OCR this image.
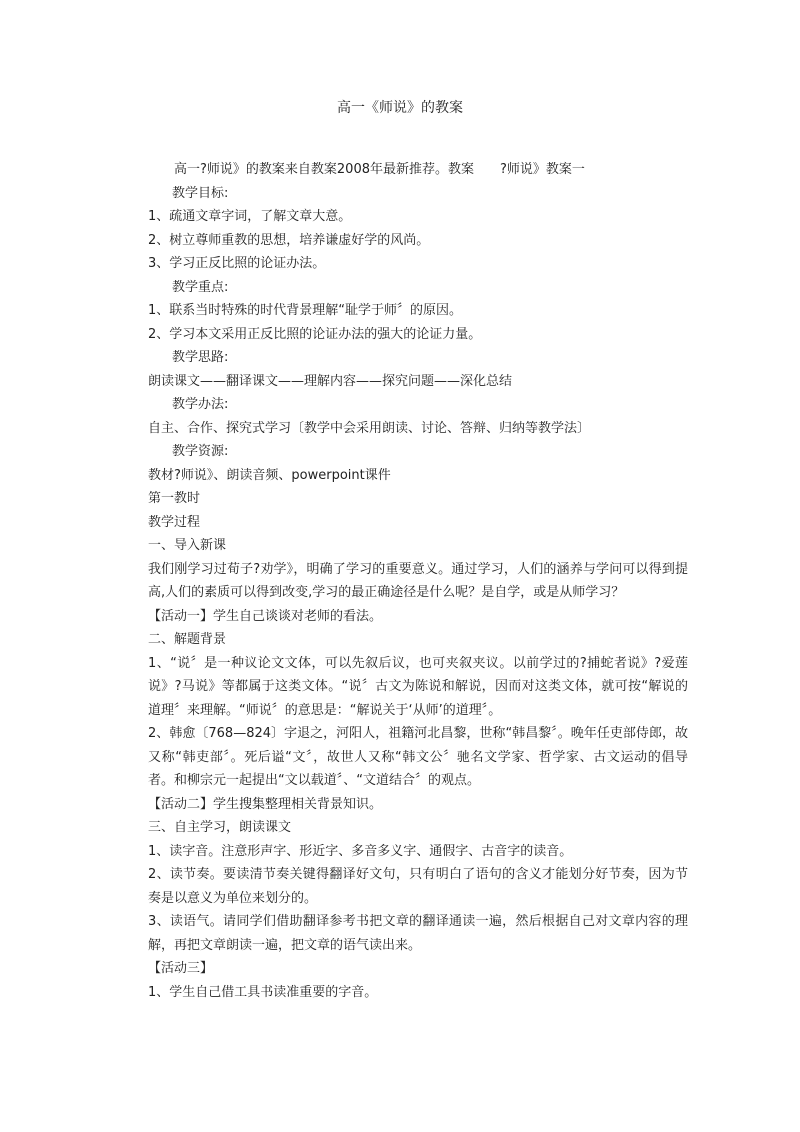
高一《师说》的教案
高一?师说》的教案来自教案2008年最新推荐。教案　　?师说》教案一
教学目标:
1、疏通文章字词，了解文章大意。
2、树立尊师重教的思想，培养谦虚好学的风尚。
3、学习正反比照的论证办法。
教学重点:
1、联系当时特殊的时代背景理解“耻学于师〞的原因。
2、学习本文采用正反比照的论证办法的强大的论证力量。
教学思路:
朗读课文——翻译课文——理解内容——探究问题——深化总结
教学办法:
自主、合作、探究式学习〔教学中会采用朗读、讨论、答辩、归纳等教学法〕
教学资源:
教材?师说》、朗读音频、powerpoint课件
第一教时
教学过程
一、导入新课
我们刚学习过荀子?劝学》，明确了学习的重要意义。通过学习，人们的涵养与学问可以得到提高,人们的素质可以得到改变,学习的最正确途径是什么呢？是自学，或是从师学习？
【活动一】学生自己谈谈对老师的看法。
二、解题背景
1、“说〞是一种议论文文体，可以先叙后议，也可夹叙夹议。以前学过的?捕蛇者说》?爱莲说》?马说》等都属于这类文体。“说〞古文为陈说和解说，因而对这类文体，就可按“解说的道理〞来理解。“师说〞的意思是：“解说关于‘从师’的道理〞。
2、韩愈〔768—824〕字退之，河阳人，祖籍河北昌黎，世称“韩昌黎〞。晚年任吏部侍郎，故又称“韩吏部〞。死后谥“文〞，故世人又称“韩文公〞驰名文学家、哲学家、古文运动的倡导者。和柳宗元一起提出“文以载道〞、“文道结合〞的观点。
【活动二】学生搜集整理相关背景知识。
三、自主学习，朗读课文
1、读字音。注意形声字、形近字、多音多义字、通假字、古音字的读音。
2、读节奏。要读清节奏关键得翻译好文句，只有明白了语句的含义才能划分好节奏，因为节奏是以意义为单位来划分的。
3、读语气。请同学们借助翻译参考书把文章的翻译通读一遍，然后根据自己对文章内容的理解，再把文章朗读一遍，把文章的语气读出来。
【活动三】
1、学生自己借工具书读准重要的字音。
